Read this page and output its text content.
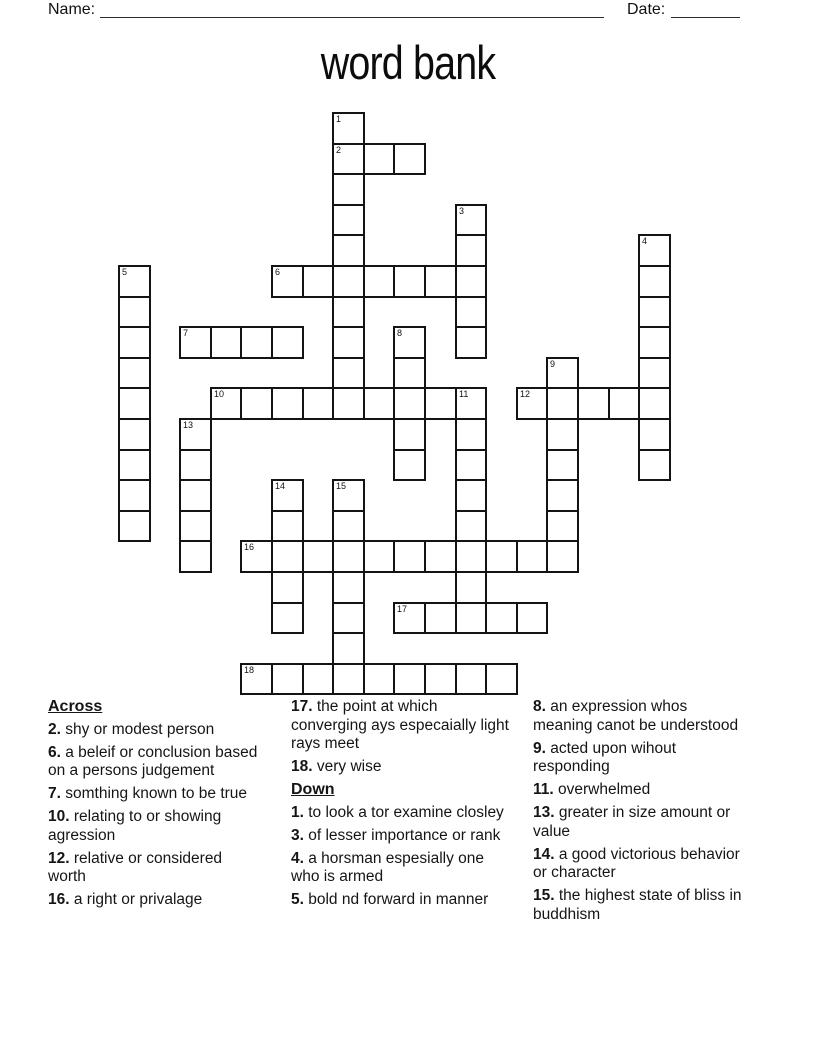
Name:	Date:
word bank
1
2
3
4
5	6
7	8
9
10	11	12
13
14	15
16
17
18
Across

2. shy or modest person

6. a beleif or conclusion based on a persons judgement

7. somthing known to be true

10. relating to or showing agression

12. relative or considered worth

16. a right or privalage

17. the point at which converging ays especaially light rays meet

18. very wise

Down

1. to look a tor examine closley

3. of lesser importance or rank

4. a horsman espesially one who is armed

5. bold nd forward in manner

8. an expression whos meaning canot be understood

9. acted upon wihout responding

11. overwhelmed

13. greater in size amount or value

14. a good victorious behavior or character

15. the highest state of bliss in buddhism
